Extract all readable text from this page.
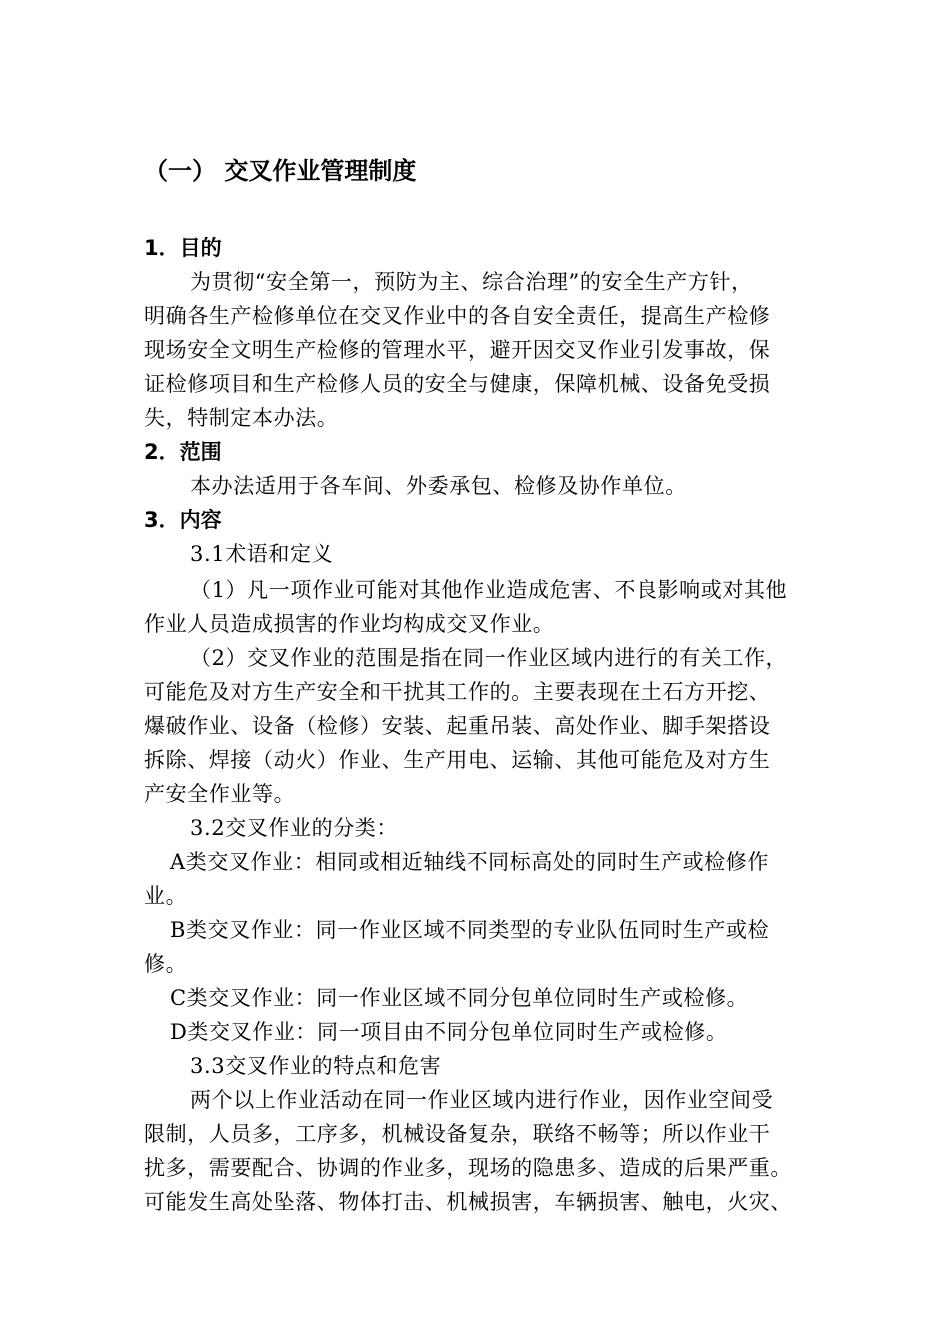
（一） 交叉作业管理制度
1．目的
为贯彻“安全第一，预防为主、综合治理”的安全生产方针，
明确各生产检修单位在交叉作业中的各自安全责任，提高生产检修
现场安全文明生产检修的管理水平，避开因交叉作业引发事故，保
证检修项目和生产检修人员的安全与健康，保障机械、设备免受损
失，特制定本办法。
2．范围
本办法适用于各车间、外委承包、检修及协作单位。
3．内容
3.1术语和定义
（1）凡一项作业可能对其他作业造成危害、不良影响或对其他
作业人员造成损害的作业均构成交叉作业。
（2）交叉作业的范围是指在同一作业区域内进行的有关工作，
可能危及对方生产安全和干扰其工作的。主要表现在土石方开挖、
爆破作业、设备（检修）安装、起重吊装、高处作业、脚手架搭设
拆除、焊接（动火）作业、生产用电、运输、其他可能危及对方生
产安全作业等。
3.2交叉作业的分类：
A类交叉作业：相同或相近轴线不同标高处的同时生产或检修作
业。
B类交叉作业：同一作业区域不同类型的专业队伍同时生产或检
修。
C类交叉作业：同一作业区域不同分包单位同时生产或检修。
D类交叉作业：同一项目由不同分包单位同时生产或检修。
3.3交叉作业的特点和危害
两个以上作业活动在同一作业区域内进行作业，因作业空间受
限制，人员多，工序多，机械设备复杂，联络不畅等；所以作业干
扰多，需要配合、协调的作业多，现场的隐患多、造成的后果严重。
可能发生高处坠落、物体打击、机械损害，车辆损害、触电，火灾、
